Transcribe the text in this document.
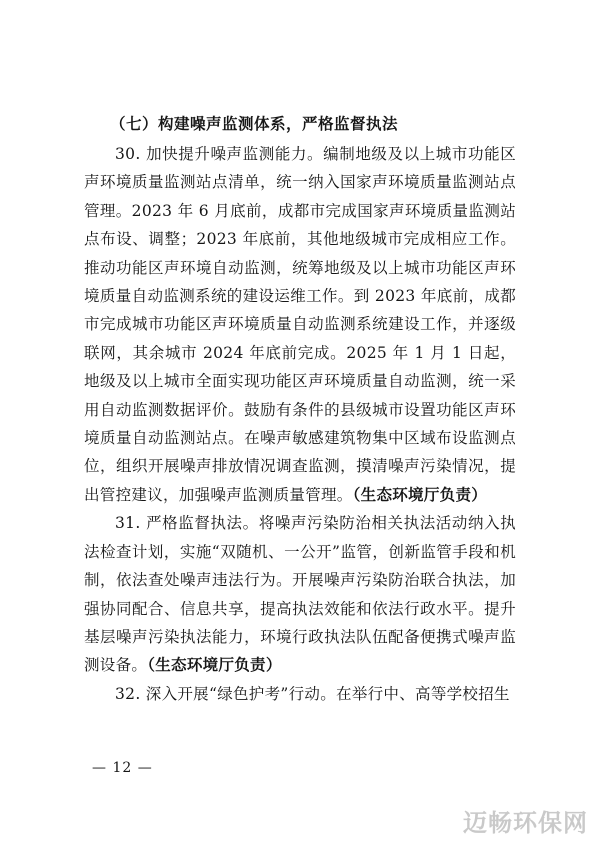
（七）构建噪声监测体系，严格监督执法

30. 加快提升噪声监测能力。编制地级及以上城市功能区声环境质量监测站点清单，统一纳入国家声环境质量监测站点管理。2023 年 6 月底前，成都市完成国家声环境质量监测站点布设、调整；2023 年底前，其他地级城市完成相应工作。推动功能区声环境自动监测，统筹地级及以上城市功能区声环境质量自动监测系统的建设运维工作。到 2023 年底前，成都市完成城市功能区声环境质量自动监测系统建设工作，并逐级联网，其余城市 2024 年底前完成。2025 年 1 月 1 日起，地级及以上城市全面实现功能区声环境质量自动监测，统一采用自动监测数据评价。鼓励有条件的县级城市设置功能区声环境质量自动监测站点。在噪声敏感建筑物集中区域布设监测点位，组织开展噪声排放情况调查监测，摸清噪声污染情况，提出管控建议，加强噪声监测质量管理。（生态环境厅负责）

31. 严格监督执法。将噪声污染防治相关执法活动纳入执法检查计划，实施“双随机、一公开”监管，创新监管手段和机制，依法查处噪声违法行为。开展噪声污染防治联合执法，加强协同配合、信息共享，提高执法效能和依法行政水平。提升基层噪声污染执法能力，环境行政执法队伍配备便携式噪声监测设备。（生态环境厅负责）

32. 深入开展“绿色护考”行动。在举行中、高等学校招生

— 12 —
迈畅环保网
